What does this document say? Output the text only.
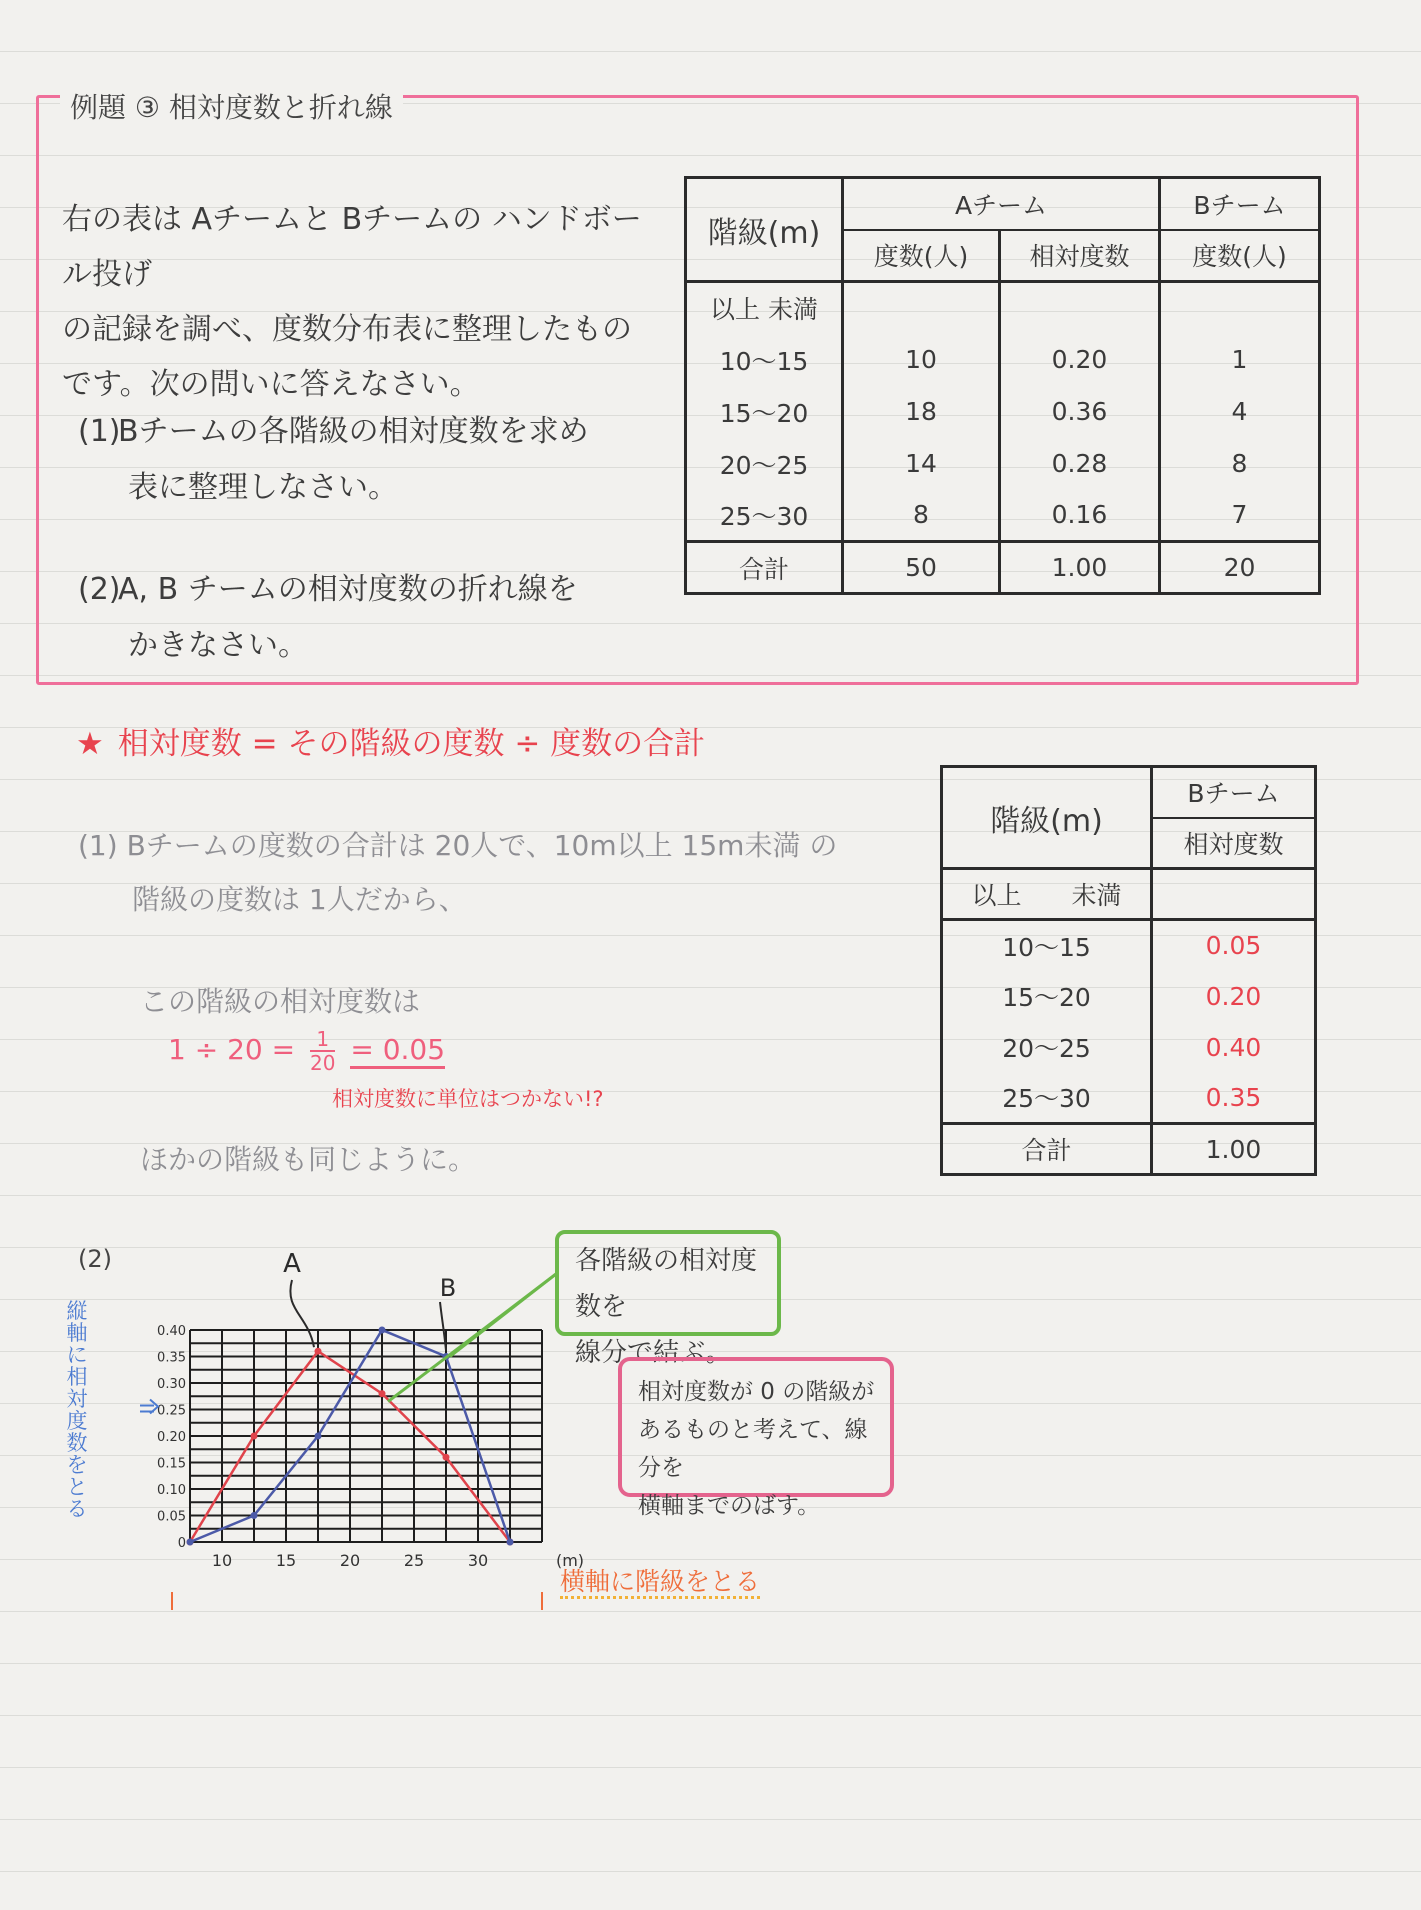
例題 ③ 相対度数と折れ線
右の表は Aチームと Bチームの ハンドボール投げ
の記録を調べ、度数分布表に整理したもの
です。次の問いに答えなさい。
(1)Bチームの各階級の相対度数を求め
表に整理しなさい。
(2)A, B チームの相対度数の折れ線を
かきなさい。
階級(m)	Aチーム		Bチーム
	度数(人)	相対度数	度数(人)
以上 未満			
10〜15	10	0.20	1
15〜20	18	0.36	4
20〜25	14	0.28	8
25〜30	8	0.16	7
合計	50	1.00	20
★ 相対度数 = その階級の度数 ÷ 度数の合計
(1) Bチームの度数の合計は 20人で、10m以上 15m未満 の
階級の度数は 1人だから、
この階級の相対度数は
$1 \div 20 = \frac{1}{20} = 0.05$
相対度数に単位はつかない!?
ほかの階級も同じように。
階級(m)	Bチーム
	相対度数
以上　　未満	
10〜15	0.05
15〜20	0.20
20〜25	0.40
25〜30	0.35
合計	1.00
(2)
縦軸に相対度数をとる
0
0.05
0.10
0.15
0.20
0.25
0.30
0.35
0.40
10	15	20	25	30	(m)
A
B
横軸に階級をとる
各階級の相対度数を
線分で結ぶ。
相対度数が 0 の階級が
あるものと考えて、線分を
横軸までのばす。
